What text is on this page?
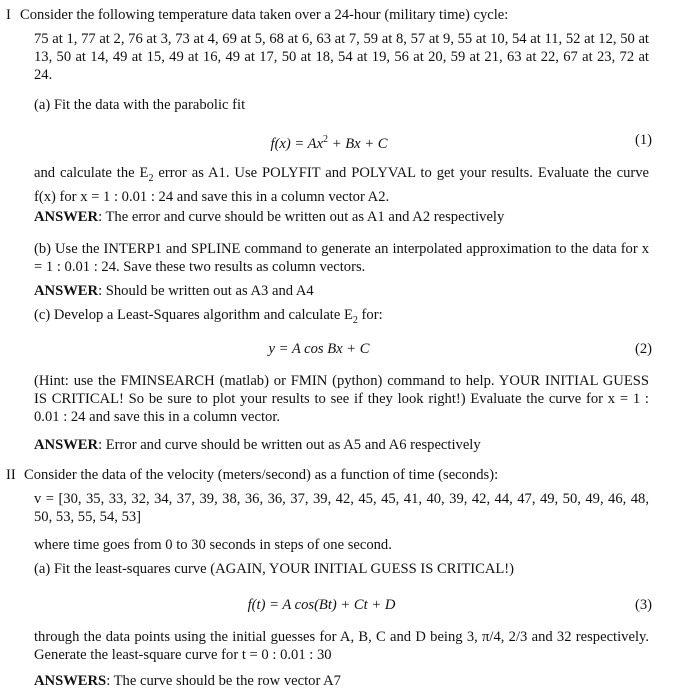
I Consider the following temperature data taken over a 24-hour (military time) cycle:

75 at 1, 77 at 2, 76 at 3, 73 at 4, 69 at 5, 68 at 6, 63 at 7, 59 at 8, 57 at 9, 55 at 10, 54 at 11, 52 at 12, 50 at 13, 50 at 14, 49 at 15, 49 at 16, 49 at 17, 50 at 18, 54 at 19, 56 at 20, 59 at 21, 63 at 22, 67 at 23, 72 at 24.

(a) Fit the data with the parabolic fit

$f(x) = Ax^2 + Bx + C$	(1)

and calculate the $E_2$ error as A1. Use POLYFIT and POLYVAL to get your results. Evaluate the curve f(x) for x = 1 : 0.01 : 24 and save this in a column vector A2.

ANSWER: The error and curve should be written out as A1 and A2 respectively

(b) Use the INTERP1 and SPLINE command to generate an interpolated approximation to the data for x = 1 : 0.01 : 24. Save these two results as column vectors.

ANSWER: Should be written out as A3 and A4

(c) Develop a Least-Squares algorithm and calculate $E_2$ for:

y = A cos Bx + C	(2)

(Hint: use the FMINSEARCH (matlab) or FMIN (python) command to help. YOUR INITIAL GUESS IS CRITICAL! So be sure to plot your results to see if they look right!) Evaluate the curve for x = 1 : 0.01 : 24 and save this in a column vector.

ANSWER: Error and curve should be written out as A5 and A6 respectively

II Consider the data of the velocity (meters/second) as a function of time (seconds):

v = [30, 35, 33, 32, 34, 37, 39, 38, 36, 36, 37, 39, 42, 45, 45, 41, 40, 39, 42, 44, 47, 49, 50, 49, 46, 48, 50, 53, 55, 54, 53]

where time goes from 0 to 30 seconds in steps of one second.

(a) Fit the least-squares curve (AGAIN, YOUR INITIAL GUESS IS CRITICAL!)

f(t) = A cos(Bt) + Ct + D	(3)

through the data points using the initial guesses for A, B, C and D being 3, π/4, 2/3 and 32 respectively. Generate the least-square curve for t = 0 : 0.01 : 30

ANSWERS: The curve should be the row vector A7
